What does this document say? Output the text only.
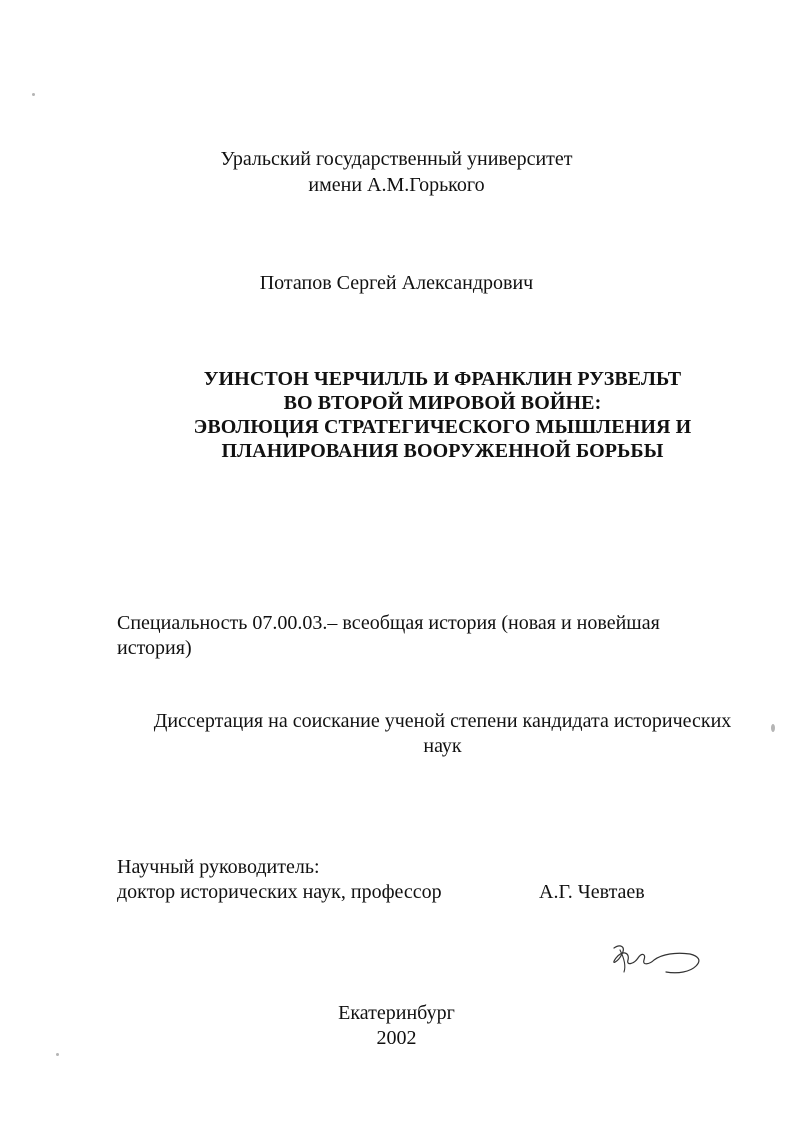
Уральский государственный университет
имени А.М.Горького
Потапов Сергей Александрович
УИНСТОН ЧЕРЧИЛЛЬ И ФРАНКЛИН РУЗВЕЛЬТ
ВО ВТОРОЙ МИРОВОЙ ВОЙНЕ:
ЭВОЛЮЦИЯ СТРАТЕГИЧЕСКОГО МЫШЛЕНИЯ И
ПЛАНИРОВАНИЯ ВООРУЖЕННОЙ БОРЬБЫ
Специальность 07.00.03.– всеобщая история (новая и новейшая
история)
Диссертация на соискание ученой степени кандидата исторических
наук
Научный руководитель:
доктор исторических наук, профессор	А.Г. Чевтаев
Екатеринбург
2002
